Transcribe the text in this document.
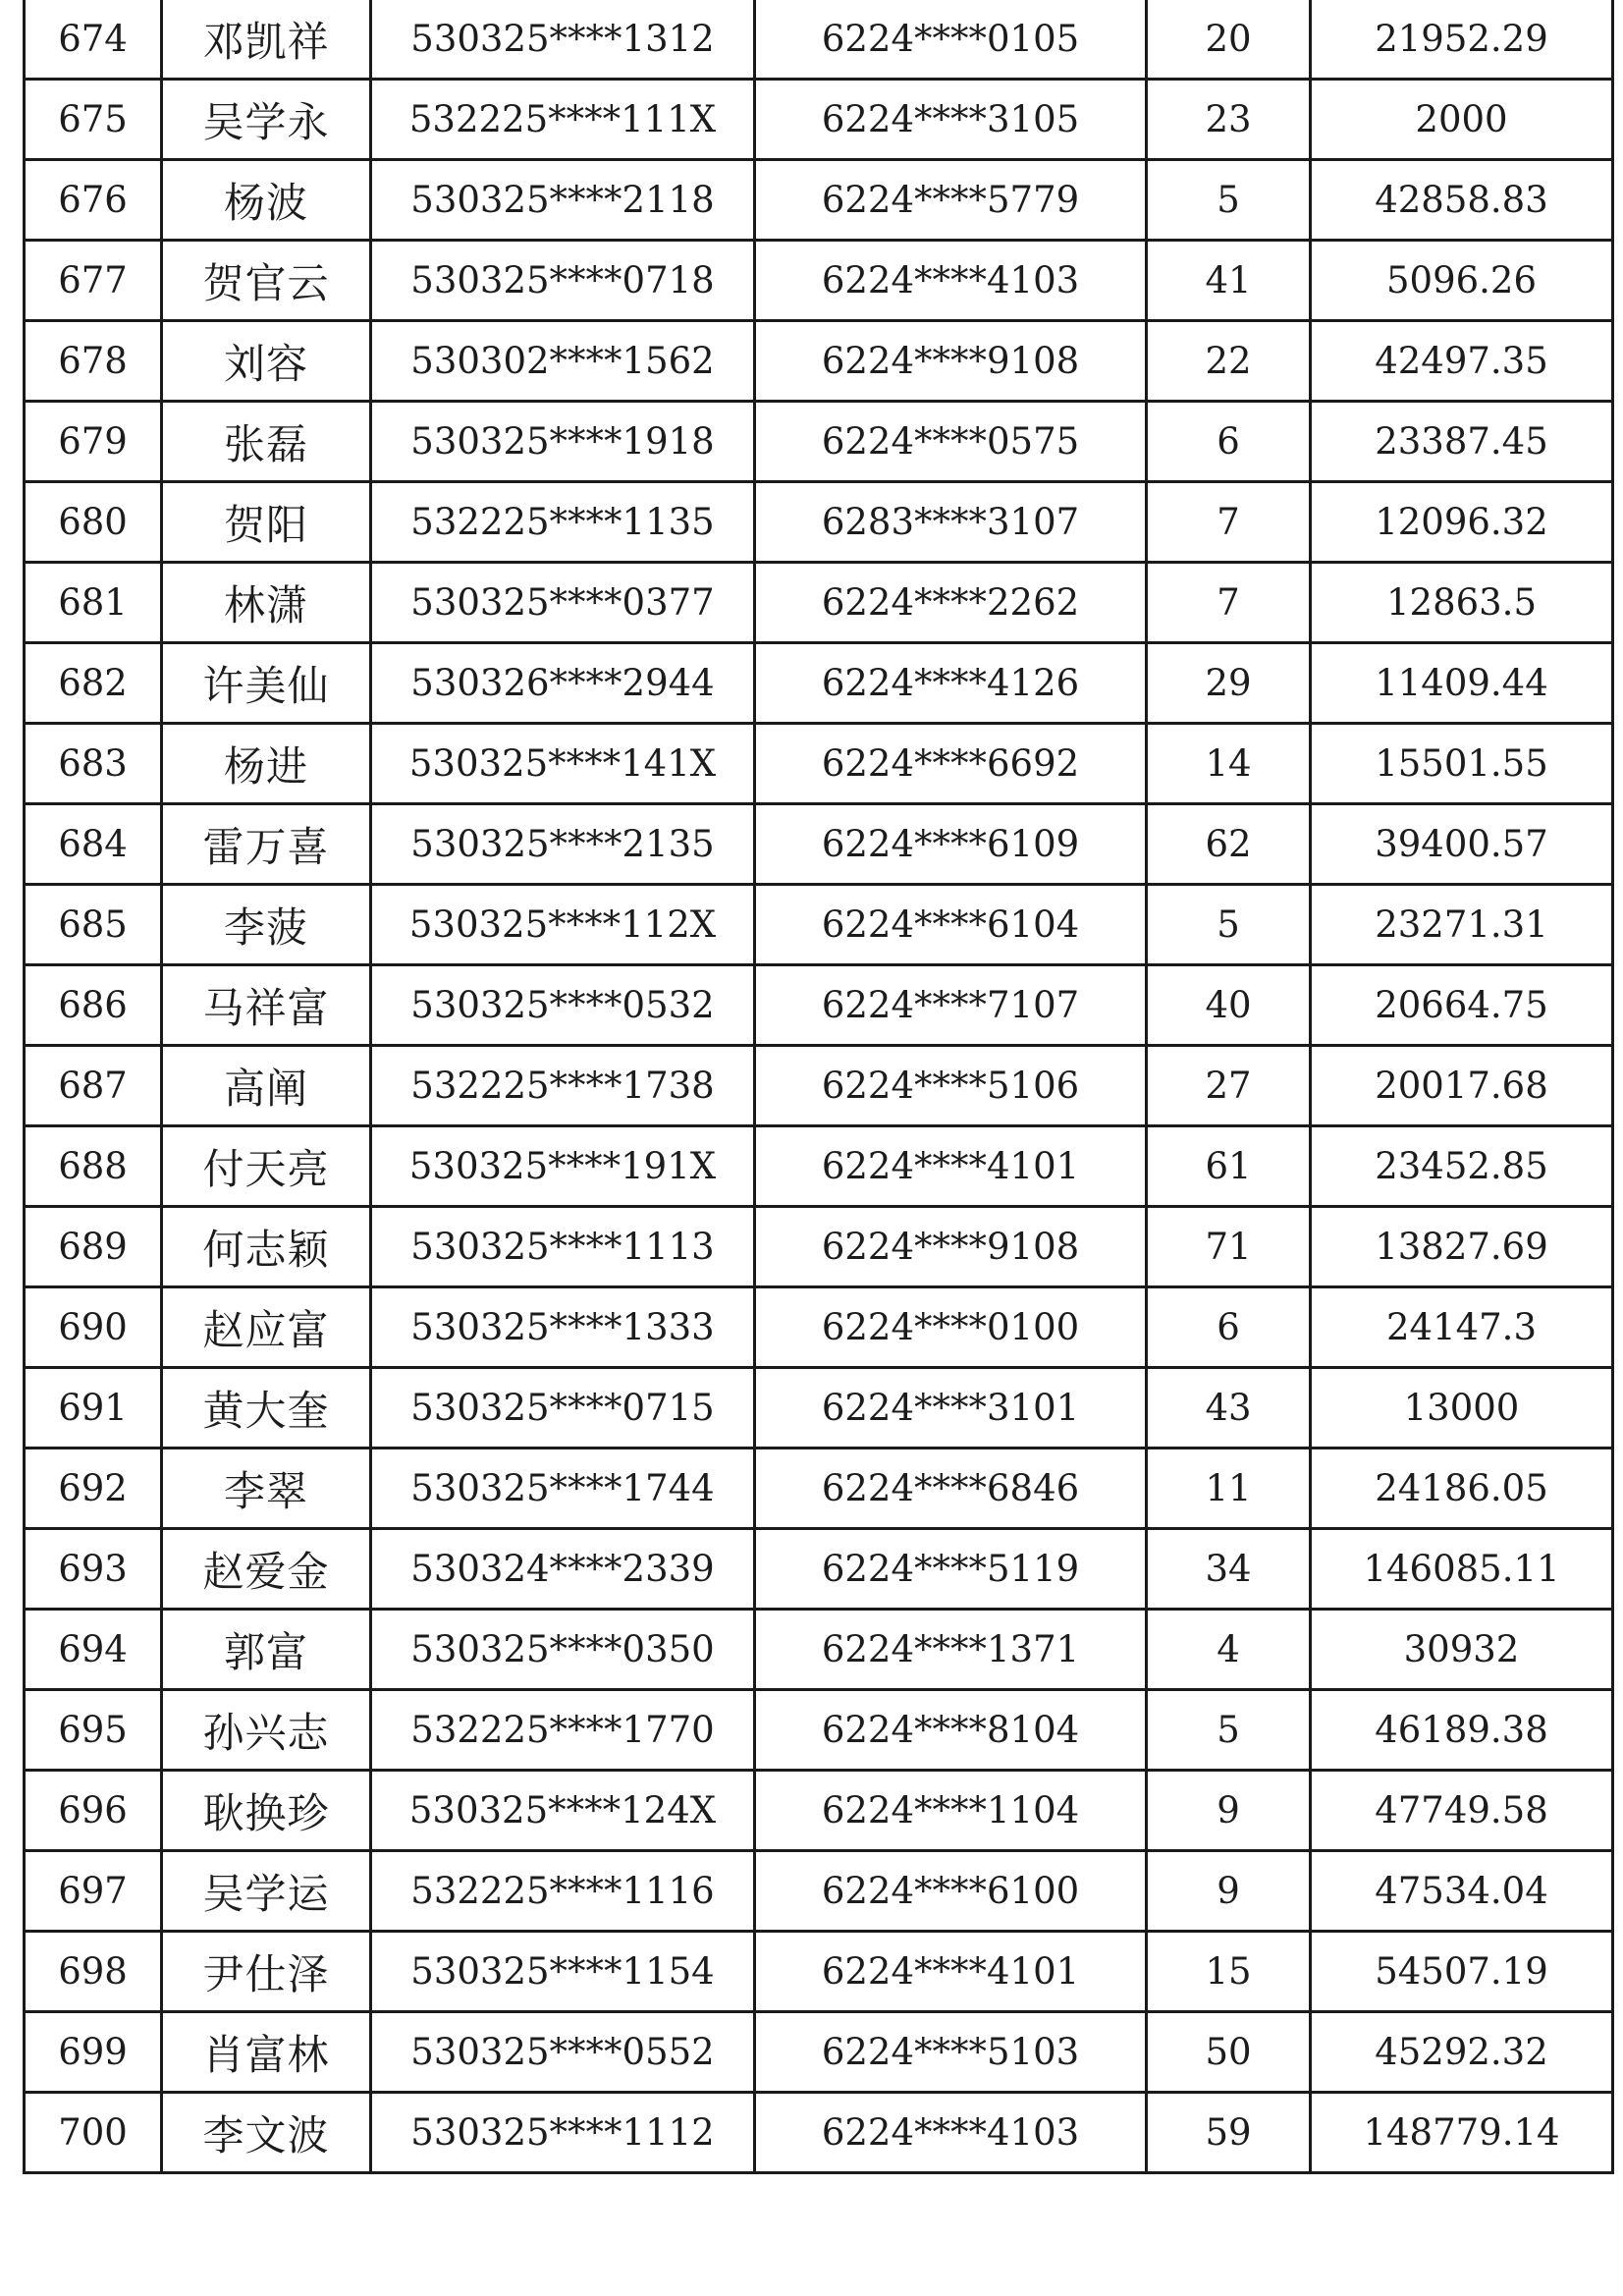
674	邓凯祥	530325****1312	6224****0105	20	21952.29
675	吴学永	532225****111X	6224****3105	23	2000
676	杨波	530325****2118	6224****5779	5	42858.83
677	贺官云	530325****0718	6224****4103	41	5096.26
678	刘容	530302****1562	6224****9108	22	42497.35
679	张磊	530325****1918	6224****0575	6	23387.45
680	贺阳	532225****1135	6283****3107	7	12096.32
681	林潇	530325****0377	6224****2262	7	12863.5
682	许美仙	530326****2944	6224****4126	29	11409.44
683	杨进	530325****141X	6224****6692	14	15501.55
684	雷万喜	530325****2135	6224****6109	62	39400.57
685	李菠	530325****112X	6224****6104	5	23271.31
686	马祥富	530325****0532	6224****7107	40	20664.75
687	高阐	532225****1738	6224****5106	27	20017.68
688	付天亮	530325****191X	6224****4101	61	23452.85
689	何志颖	530325****1113	6224****9108	71	13827.69
690	赵应富	530325****1333	6224****0100	6	24147.3
691	黄大奎	530325****0715	6224****3101	43	13000
692	李翠	530325****1744	6224****6846	11	24186.05
693	赵爱金	530324****2339	6224****5119	34	146085.11
694	郭富	530325****0350	6224****1371	4	30932
695	孙兴志	532225****1770	6224****8104	5	46189.38
696	耿换珍	530325****124X	6224****1104	9	47749.58
697	吴学运	532225****1116	6224****6100	9	47534.04
698	尹仕泽	530325****1154	6224****4101	15	54507.19
699	肖富林	530325****0552	6224****5103	50	45292.32
700	李文波	530325****1112	6224****4103	59	148779.14
